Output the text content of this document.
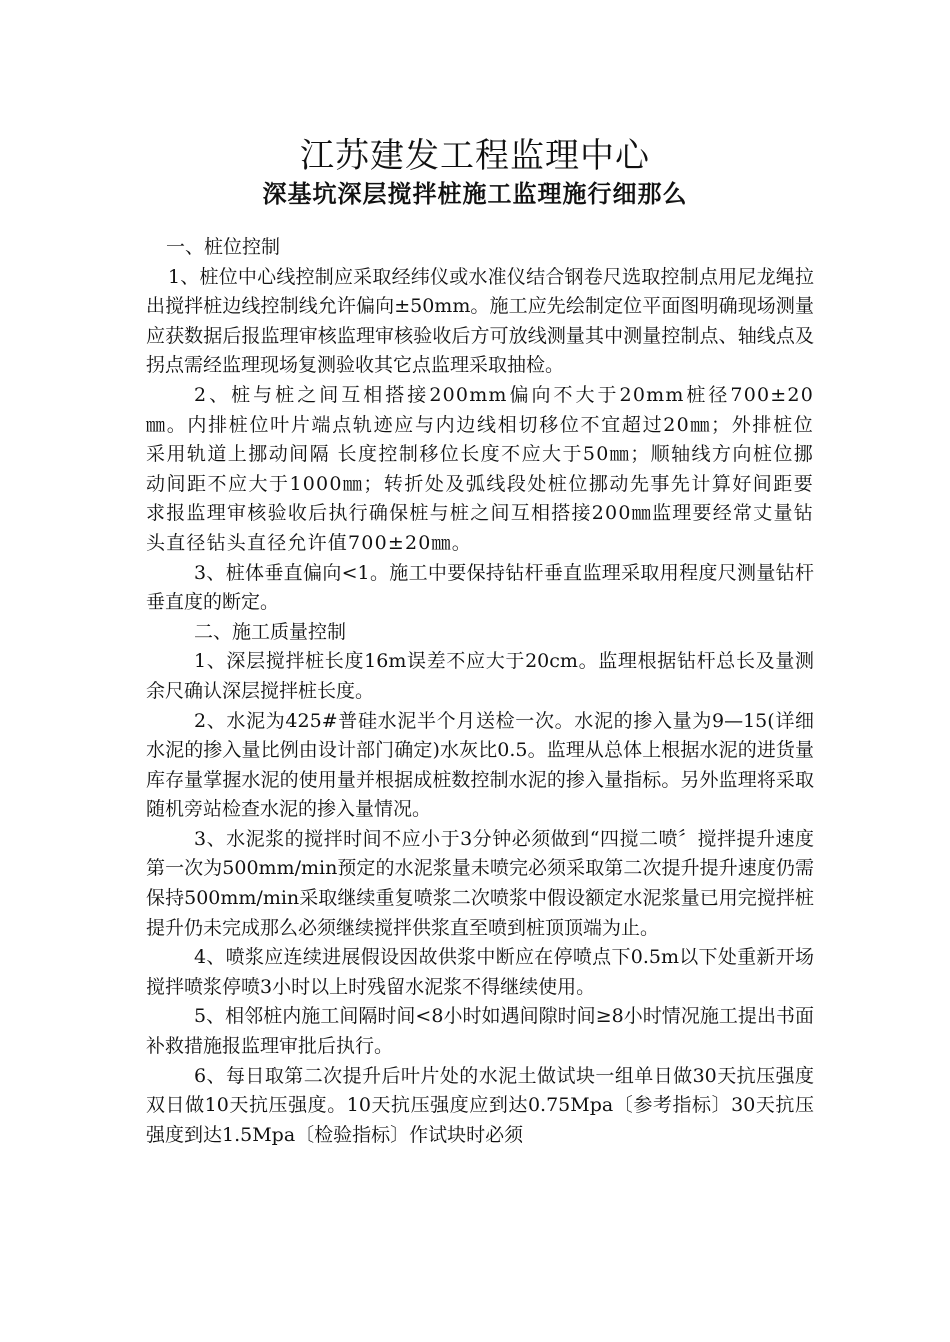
江苏建发工程监理中心
深基坑深层搅拌桩施工监理施行细那么

一、桩位控制

1、桩位中心线控制应采取经纬仪或水准仪结合钢卷尺选取控制点用尼龙绳拉出搅拌桩边线控制线允许偏向±50mm。施工应先绘制定位平面图明确现场测量应获数据后报监理审核监理审核验收后方可放线测量其中测量控制点、轴线点及拐点需经监理现场复测验收其它点监理采取抽检。

2、桩与桩之间互相搭接200mm偏向不大于20mm桩径700±20㎜。内排桩位叶片端点轨迹应与内边线相切移位不宜超过20㎜；外排桩位采用轨道上挪动间隔 长度控制移位长度不应大于50㎜；顺轴线方向桩位挪动间距不应大于1000㎜；转折处及弧线段处桩位挪动先事先计算好间距要求报监理审核验收后执行确保桩与桩之间互相搭接200㎜监理要经常丈量钻头直径钻头直径允许值700±20㎜。

3、桩体垂直偏向<1。施工中要保持钻杆垂直监理采取用程度尺测量钻杆垂直度的断定。

二、施工质量控制

1、深层搅拌桩长度16m误差不应大于20cm。监理根据钻杆总长及量测余尺确认深层搅拌桩长度。

2、水泥为425#普硅水泥半个月送检一次。水泥的掺入量为9—15(详细水泥的掺入量比例由设计部门确定)水灰比0.5。监理从总体上根据水泥的进货量库存量掌握水泥的使用量并根据成桩数控制水泥的掺入量指标。另外监理将采取随机旁站检查水泥的掺入量情况。

3、水泥浆的搅拌时间不应小于3分钟必须做到“四搅二喷〞搅拌提升速度第一次为500mm/min预定的水泥浆量未喷完必须采取第二次提升提升速度仍需保持500mm/min采取继续重复喷浆二次喷浆中假设额定水泥浆量已用完搅拌桩提升仍未完成那么必须继续搅拌供浆直至喷到桩顶顶端为止。

4、喷浆应连续进展假设因故供浆中断应在停喷点下0.5m以下处重新开场搅拌喷浆停喷3小时以上时残留水泥浆不得继续使用。

5、相邻桩内施工间隔时间<8小时如遇间隙时间≥8小时情况施工提出书面补救措施报监理审批后执行。

6、每日取第二次提升后叶片处的水泥土做试块一组单日做30天抗压强度双日做10天抗压强度。10天抗压强度应到达0.75Mpa〔参考指标〕30天抗压强度到达1.5Mpa〔检验指标〕作试块时必须
